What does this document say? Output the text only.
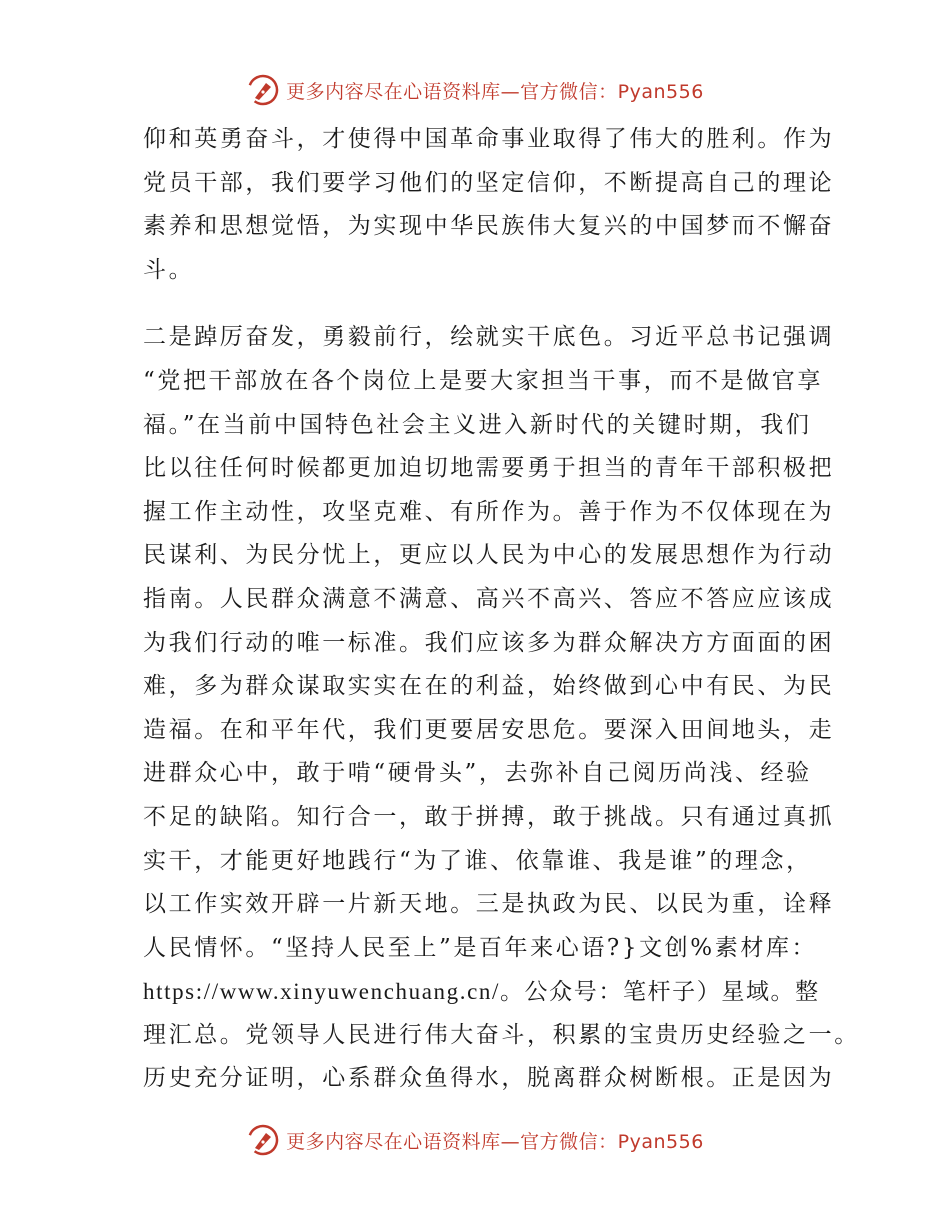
更多内容尽在心语资料库—官方微信：Pyan556
仰和英勇奋斗，才使得中国革命事业取得了伟大的胜利。作为
党员干部，我们要学习他们的坚定信仰，不断提高自己的理论
素养和思想觉悟，为实现中华民族伟大复兴的中国梦而不懈奋
斗。
二是踔厉奋发，勇毅前行，绘就实干底色。习近平总书记强调
“党把干部放在各个岗位上是要大家担当干事，而不是做官享
福。”在当前中国特色社会主义进入新时代的关键时期，我们
比以往任何时候都更加迫切地需要勇于担当的青年干部积极把
握工作主动性，攻坚克难、有所作为。善于作为不仅体现在为
民谋利、为民分忧上，更应以人民为中心的发展思想作为行动
指南。人民群众满意不满意、高兴不高兴、答应不答应应该成
为我们行动的唯一标准。我们应该多为群众解决方方面面的困
难，多为群众谋取实实在在的利益，始终做到心中有民、为民
造福。在和平年代，我们更要居安思危。要深入田间地头，走
进群众心中，敢于啃“硬骨头”，去弥补自己阅历尚浅、经验
不足的缺陷。知行合一，敢于拼搏，敢于挑战。只有通过真抓
实干，才能更好地践行“为了谁、依靠谁、我是谁”的理念，
以工作实效开辟一片新天地。三是执政为民、以民为重，诠释
人民情怀。“坚持人民至上”是百年来心语?}文创%素材库：
https://www.xinyuwenchuang.cn/。公众号：笔杆子）星域。整
理汇总。党领导人民进行伟大奋斗，积累的宝贵历史经验之一。
历史充分证明，心系群众鱼得水，脱离群众树断根。正是因为
更多内容尽在心语资料库—官方微信：Pyan556
